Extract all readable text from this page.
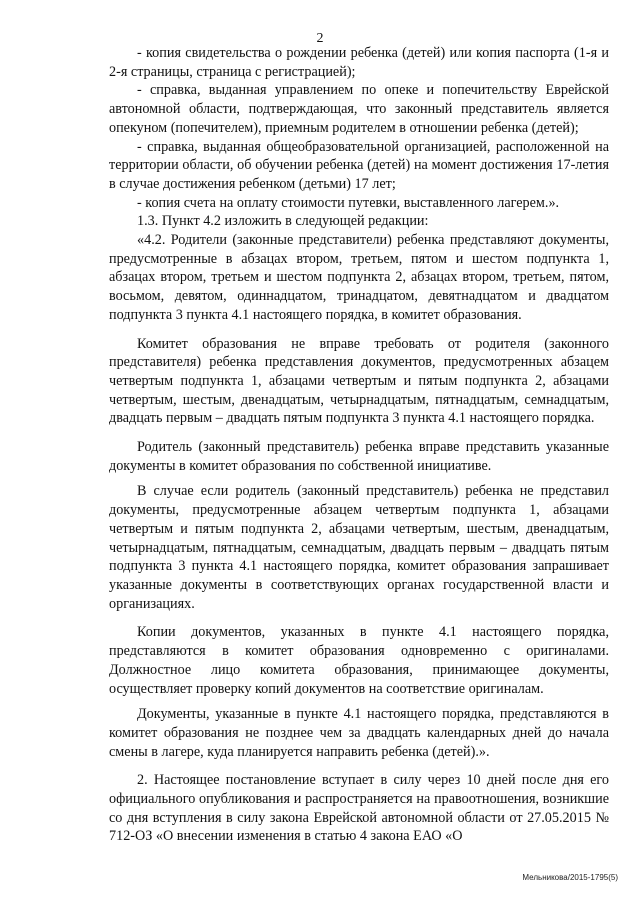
2

- копия свидетельства о рождении ребенка (детей) или копия паспорта (1-я и 2-я страницы, страница с регистрацией);

- справка, выданная управлением по опеке и попечительству Еврейской автономной области, подтверждающая, что законный представитель является опекуном (попечителем), приемным родителем в отношении ребенка (детей);

- справка, выданная общеобразовательной организацией, расположенной на территории области, об обучении ребенка (детей) на момент достижения 17-летия в случае достижения ребенком (детьми) 17 лет;

- копия счета на оплату стоимости путевки, выставленного лагерем.».

1.3. Пункт 4.2 изложить в следующей редакции:

«4.2. Родители (законные представители) ребенка представляют документы, предусмотренные в абзацах втором, третьем, пятом и шестом подпункта 1, абзацах втором, третьем и шестом подпункта 2, абзацах втором, третьем, пятом, восьмом, девятом, одиннадцатом, тринадцатом, девятнадцатом и двадцатом подпункта 3 пункта 4.1 настоящего порядка, в комитет образования.

Комитет образования не вправе требовать от родителя (законного представителя) ребенка представления документов, предусмотренных абзацем четвертым подпункта 1, абзацами четвертым и пятым подпункта 2, абзацами четвертым, шестым, двенадцатым, четырнадцатым, пятнадцатым, семнадцатым, двадцать первым – двадцать пятым подпункта 3 пункта 4.1 настоящего порядка.

Родитель (законный представитель) ребенка вправе представить указанные документы в комитет образования по собственной инициативе.

В случае если родитель (законный представитель) ребенка не представил документы, предусмотренные абзацем четвертым подпункта 1, абзацами четвертым и пятым подпункта 2, абзацами четвертым, шестым, двенадцатым, четырнадцатым, пятнадцатым, семнадцатым, двадцать первым – двадцать пятым подпункта 3 пункта 4.1 настоящего порядка, комитет образования запрашивает указанные документы в соответствующих органах государственной власти и организациях.

Копии документов, указанных в пункте 4.1 настоящего порядка, представляются в комитет образования одновременно с оригиналами. Должностное лицо комитета образования, принимающее документы, осуществляет проверку копий документов на соответствие оригиналам.

Документы, указанные в пункте 4.1 настоящего порядка, представляются в комитет образования не позднее чем за двадцать календарных дней до начала смены в лагере, куда планируется направить ребенка (детей).».

2. Настоящее постановление вступает в силу через 10 дней после дня его официального опубликования и распространяется на правоотношения, возникшие со дня вступления в силу закона Еврейской автономной области от 27.05.2015 № 712-ОЗ «О внесении изменения в статью 4 закона ЕАО «О

Мельникова/2015-1795(5)
